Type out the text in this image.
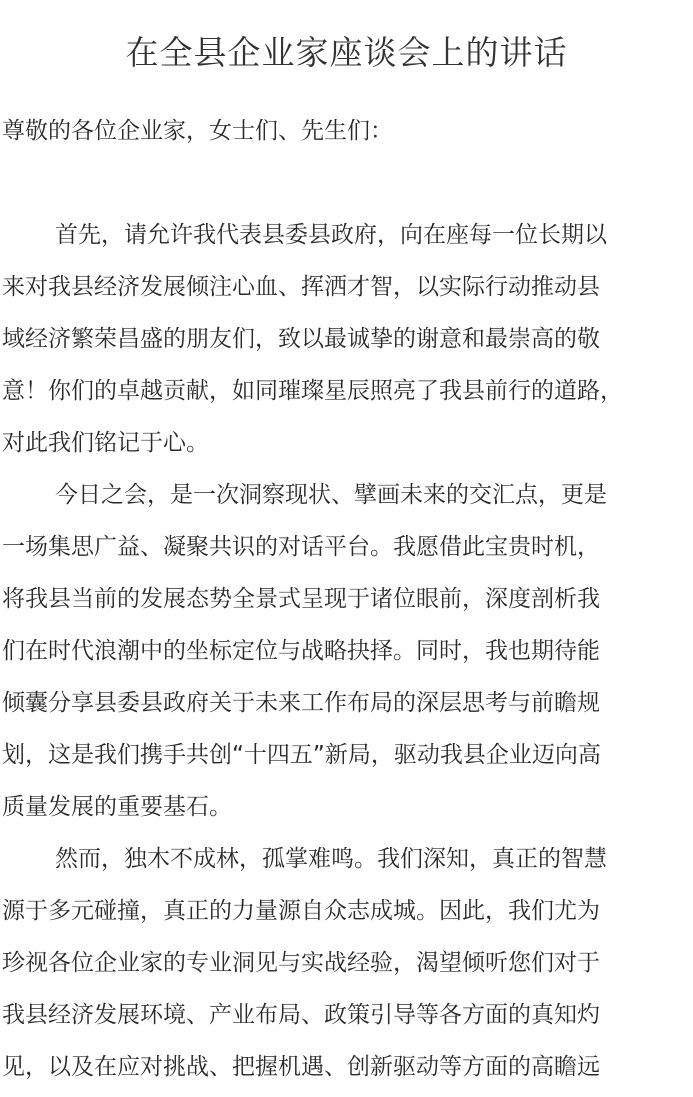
在全县企业家座谈会上的讲话
尊敬的各位企业家，女士们、先生们：
首先，请允许我代表县委县政府，向在座每一位长期以
来对我县经济发展倾注心血、挥洒才智，以实际行动推动县
域经济繁荣昌盛的朋友们，致以最诚挚的谢意和最崇高的敬
意！你们的卓越贡献，如同璀璨星辰照亮了我县前行的道路，
对此我们铭记于心。
今日之会，是一次洞察现状、擘画未来的交汇点，更是
一场集思广益、凝聚共识的对话平台。我愿借此宝贵时机，
将我县当前的发展态势全景式呈现于诸位眼前，深度剖析我
们在时代浪潮中的坐标定位与战略抉择。同时，我也期待能
倾囊分享县委县政府关于未来工作布局的深层思考与前瞻规
划，这是我们携手共创“十四五”新局，驱动我县企业迈向高
质量发展的重要基石。
然而，独木不成林，孤掌难鸣。我们深知，真正的智慧
源于多元碰撞，真正的力量源自众志成城。因此，我们尤为
珍视各位企业家的专业洞见与实战经验，渴望倾听您们对于
我县经济发展环境、产业布局、政策引导等各方面的真知灼
见，以及在应对挑战、把握机遇、创新驱动等方面的高瞻远
